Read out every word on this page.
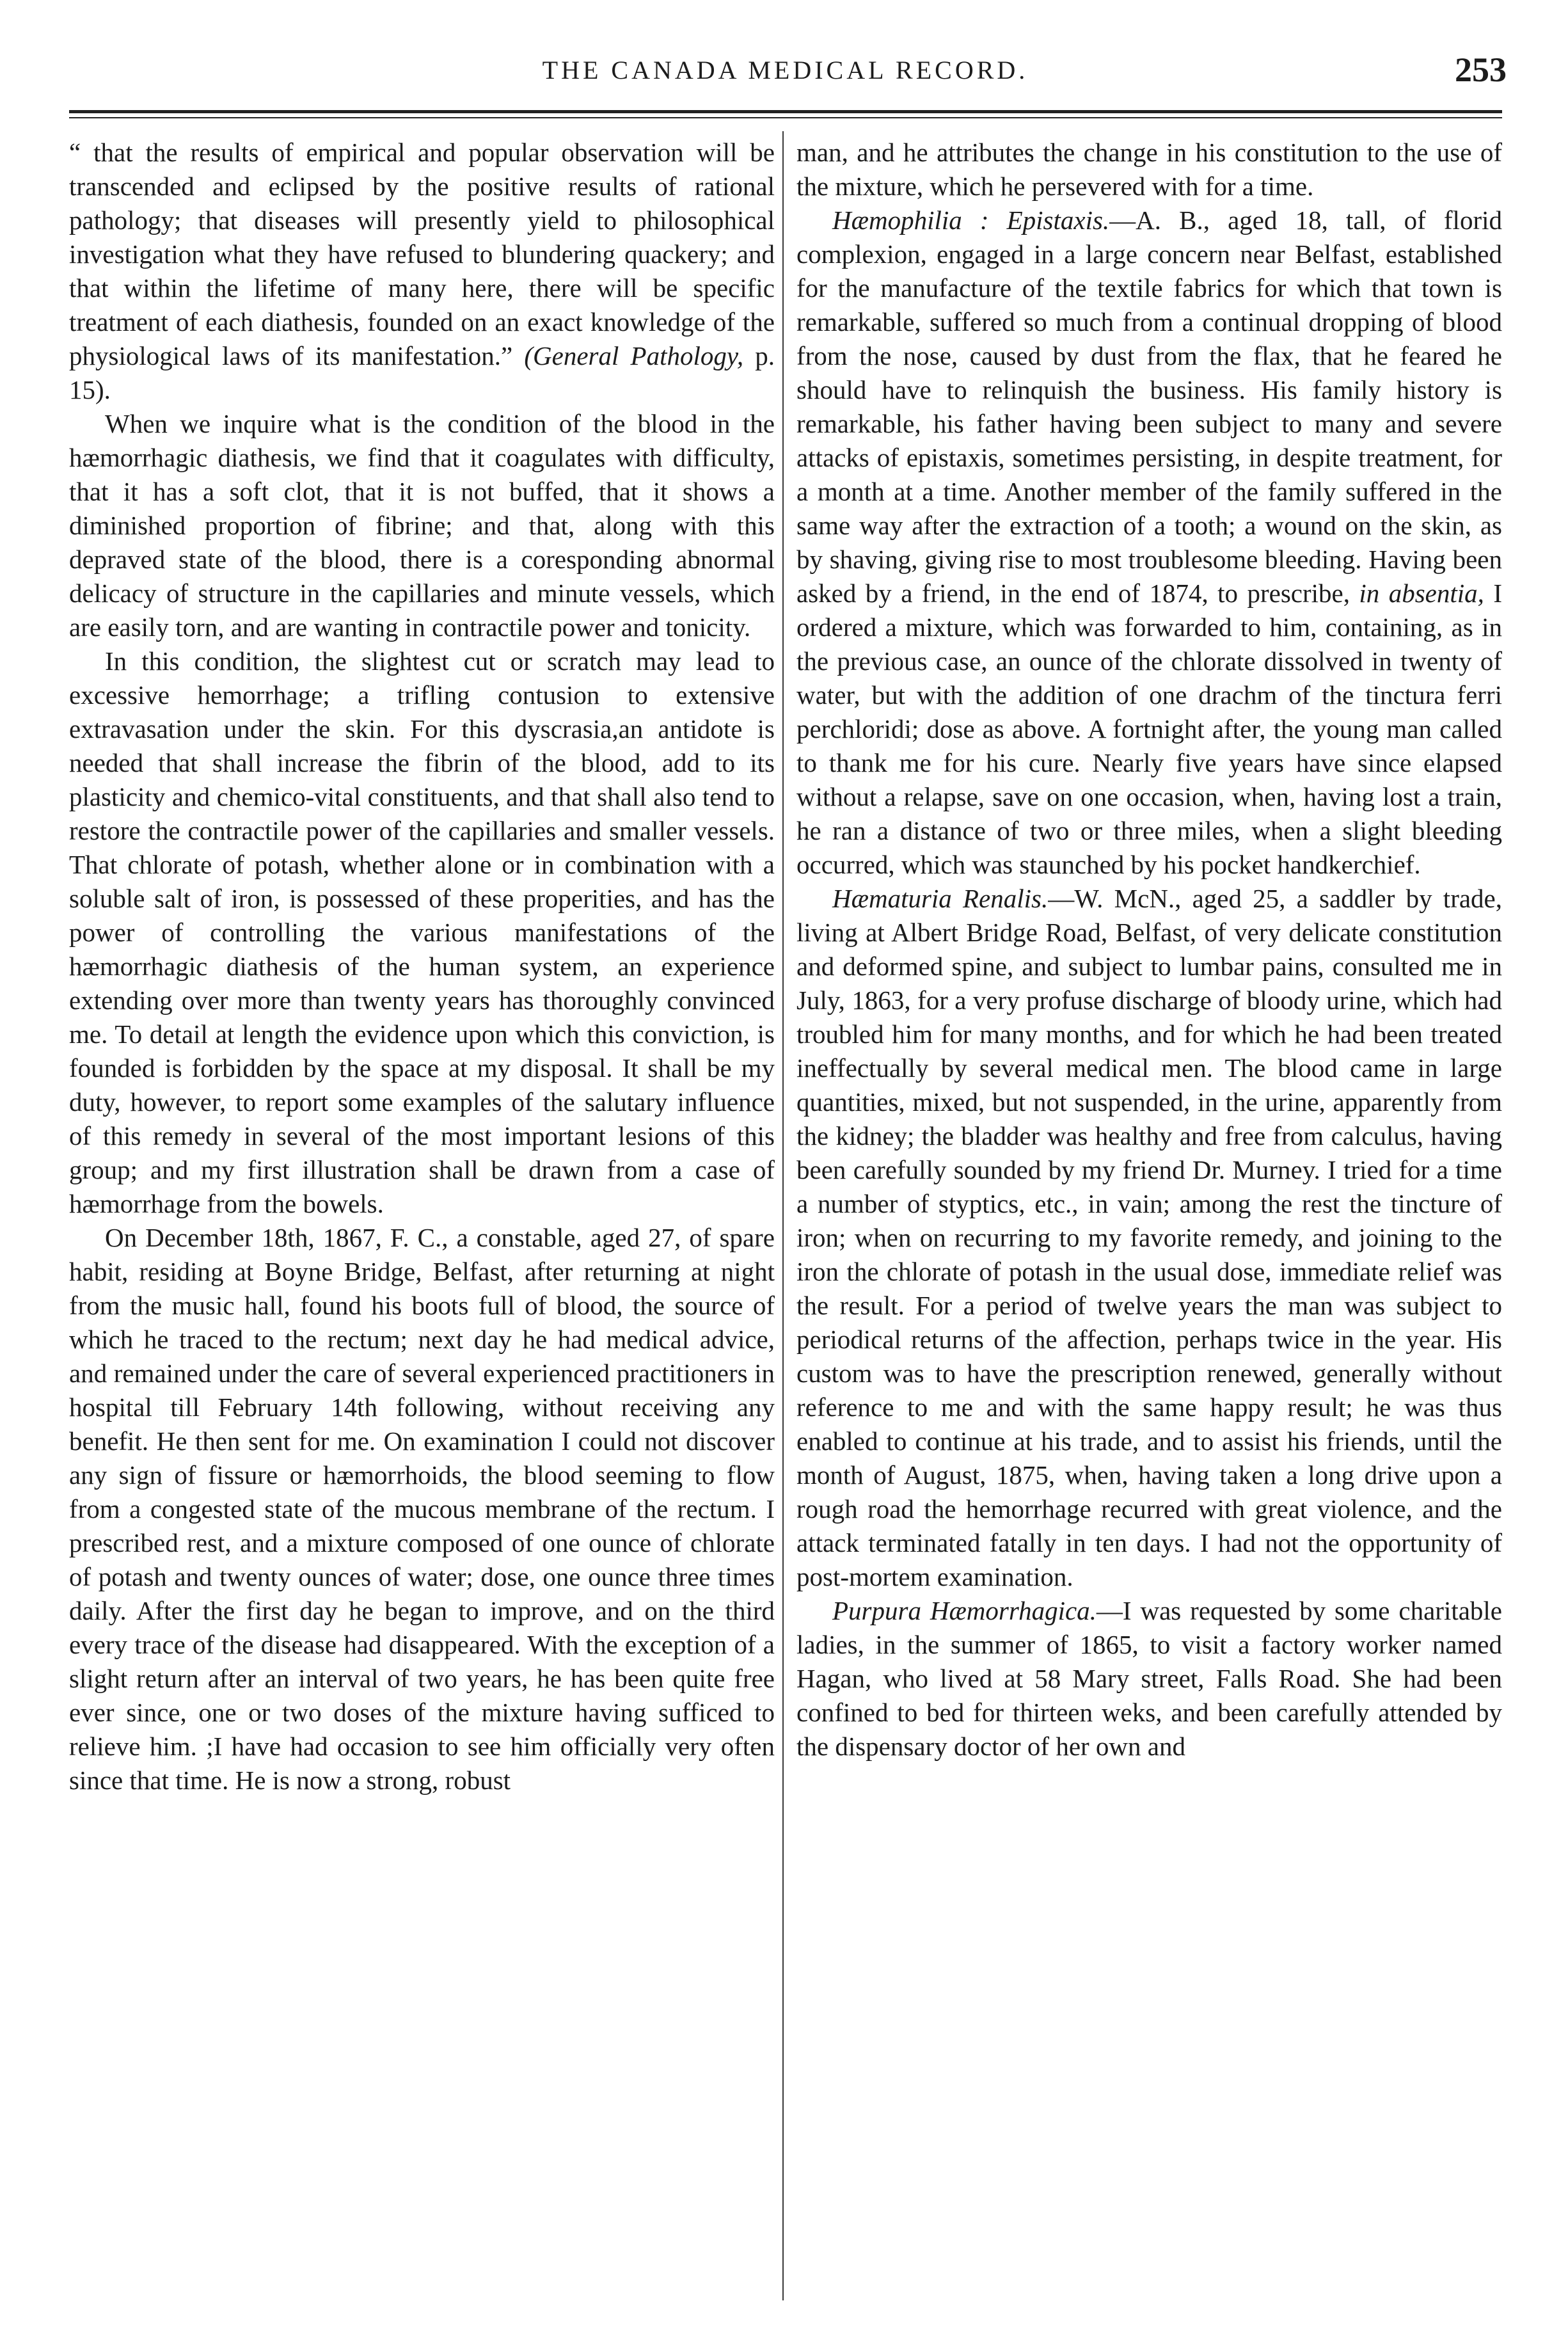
THE CANADA MEDICAL RECORD.	253

“ that the results of empirical and popular observation will be transcended and eclipsed by the positive results of rational pathology; that diseases will presently yield to philosophical investigation what they have refused to blundering quackery; and that within the lifetime of many here, there will be specific treatment of each diathesis, founded on an exact knowledge of the physiological laws of its manifestation.” (General Pathology, p. 15).

When we inquire what is the condition of the blood in the hæmorrhagic diathesis, we find that it coagulates with difficulty, that it has a soft clot, that it is not buffed, that it shows a diminished proportion of fibrine; and that, along with this depraved state of the blood, there is a coresponding abnormal delicacy of structure in the capillaries and minute vessels, which are easily torn, and are wanting in contractile power and tonicity.

In this condition, the slightest cut or scratch may lead to excessive hemorrhage; a trifling contusion to extensive extravasation under the skin. For this dyscrasia,an antidote is needed that shall increase the fibrin of the blood, add to its plasticity and chemico-vital constituents, and that shall also tend to restore the contractile power of the capillaries and smaller vessels. That chlorate of potash, whether alone or in combination with a soluble salt of iron, is possessed of these properities, and has the power of controlling the various manifestations of the hæmorrhagic diathesis of the human system, an experience extending over more than twenty years has thoroughly convinced me. To detail at length the evidence upon which this conviction, is founded is forbidden by the space at my disposal. It shall be my duty, however, to report some examples of the salutary influence of this remedy in several of the most important lesions of this group; and my first illustration shall be drawn from a case of hæmorrhage from the bowels.

On December 18th, 1867, F. C., a constable, aged 27, of spare habit, residing at Boyne Bridge, Belfast, after returning at night from the music hall, found his boots full of blood, the source of which he traced to the rectum; next day he had medical advice, and remained under the care of several experienced practitioners in hospital till February 14th following, without receiving any benefit. He then sent for me. On examination I could not discover any sign of fissure or hæmorrhoids, the blood seeming to flow from a congested state of the mucous membrane of the rectum. I prescribed rest, and a mixture composed of one ounce of chlorate of potash and twenty ounces of water; dose, one ounce three times daily. After the first day he began to improve, and on the third every trace of the disease had disappeared. With the exception of a slight return after an interval of two years, he has been quite free ever since, one or two doses of the mixture having sufficed to relieve him. ;I have had occasion to see him officially very often since that time. He is now a strong, robust

man, and he attributes the change in his constitution to the use of the mixture, which he persevered with for a time.

Hæmophilia : Epistaxis.—A. B., aged 18, tall, of florid complexion, engaged in a large concern near Belfast, established for the manufacture of the textile fabrics for which that town is remarkable, suffered so much from a continual dropping of blood from the nose, caused by dust from the flax, that he feared he should have to relinquish the business. His family history is remarkable, his father having been subject to many and severe attacks of epistaxis, sometimes persisting, in despite treatment, for a month at a time. Another member of the family suffered in the same way after the extraction of a tooth; a wound on the skin, as by shaving, giving rise to most troublesome bleeding. Having been asked by a friend, in the end of 1874, to prescribe, in absentia, I ordered a mixture, which was forwarded to him, containing, as in the previous case, an ounce of the chlorate dissolved in twenty of water, but with the addition of one drachm of the tinctura ferri perchloridi; dose as above. A fortnight after, the young man called to thank me for his cure. Nearly five years have since elapsed without a relapse, save on one occasion, when, having lost a train, he ran a distance of two or three miles, when a slight bleeding occurred, which was staunched by his pocket handkerchief.

Hæmaturia Renalis.—W. McN., aged 25, a saddler by trade, living at Albert Bridge Road, Belfast, of very delicate constitution and deformed spine, and subject to lumbar pains, consulted me in July, 1863, for a very profuse discharge of bloody urine, which had troubled him for many months, and for which he had been treated ineffectually by several medical men. The blood came in large quantities, mixed, but not suspended, in the urine, apparently from the kidney; the bladder was healthy and free from calculus, having been carefully sounded by my friend Dr. Murney. I tried for a time a number of styptics, etc., in vain; among the rest the tincture of iron; when on recurring to my favorite remedy, and joining to the iron the chlorate of potash in the usual dose, immediate relief was the result. For a period of twelve years the man was subject to periodical returns of the affection, perhaps twice in the year. His custom was to have the prescription renewed, generally without reference to me and with the same happy result; he was thus enabled to continue at his trade, and to assist his friends, until the month of August, 1875, when, having taken a long drive upon a rough road the hemorrhage recurred with great violence, and the attack terminated fatally in ten days. I had not the opportunity of post-mortem examination.

Purpura Hæmorrhagica.—I was requested by some charitable ladies, in the summer of 1865, to visit a factory worker named Hagan, who lived at 58 Mary street, Falls Road. She had been confined to bed for thirteen weks, and been carefully attended by the dispensary doctor of her own and
